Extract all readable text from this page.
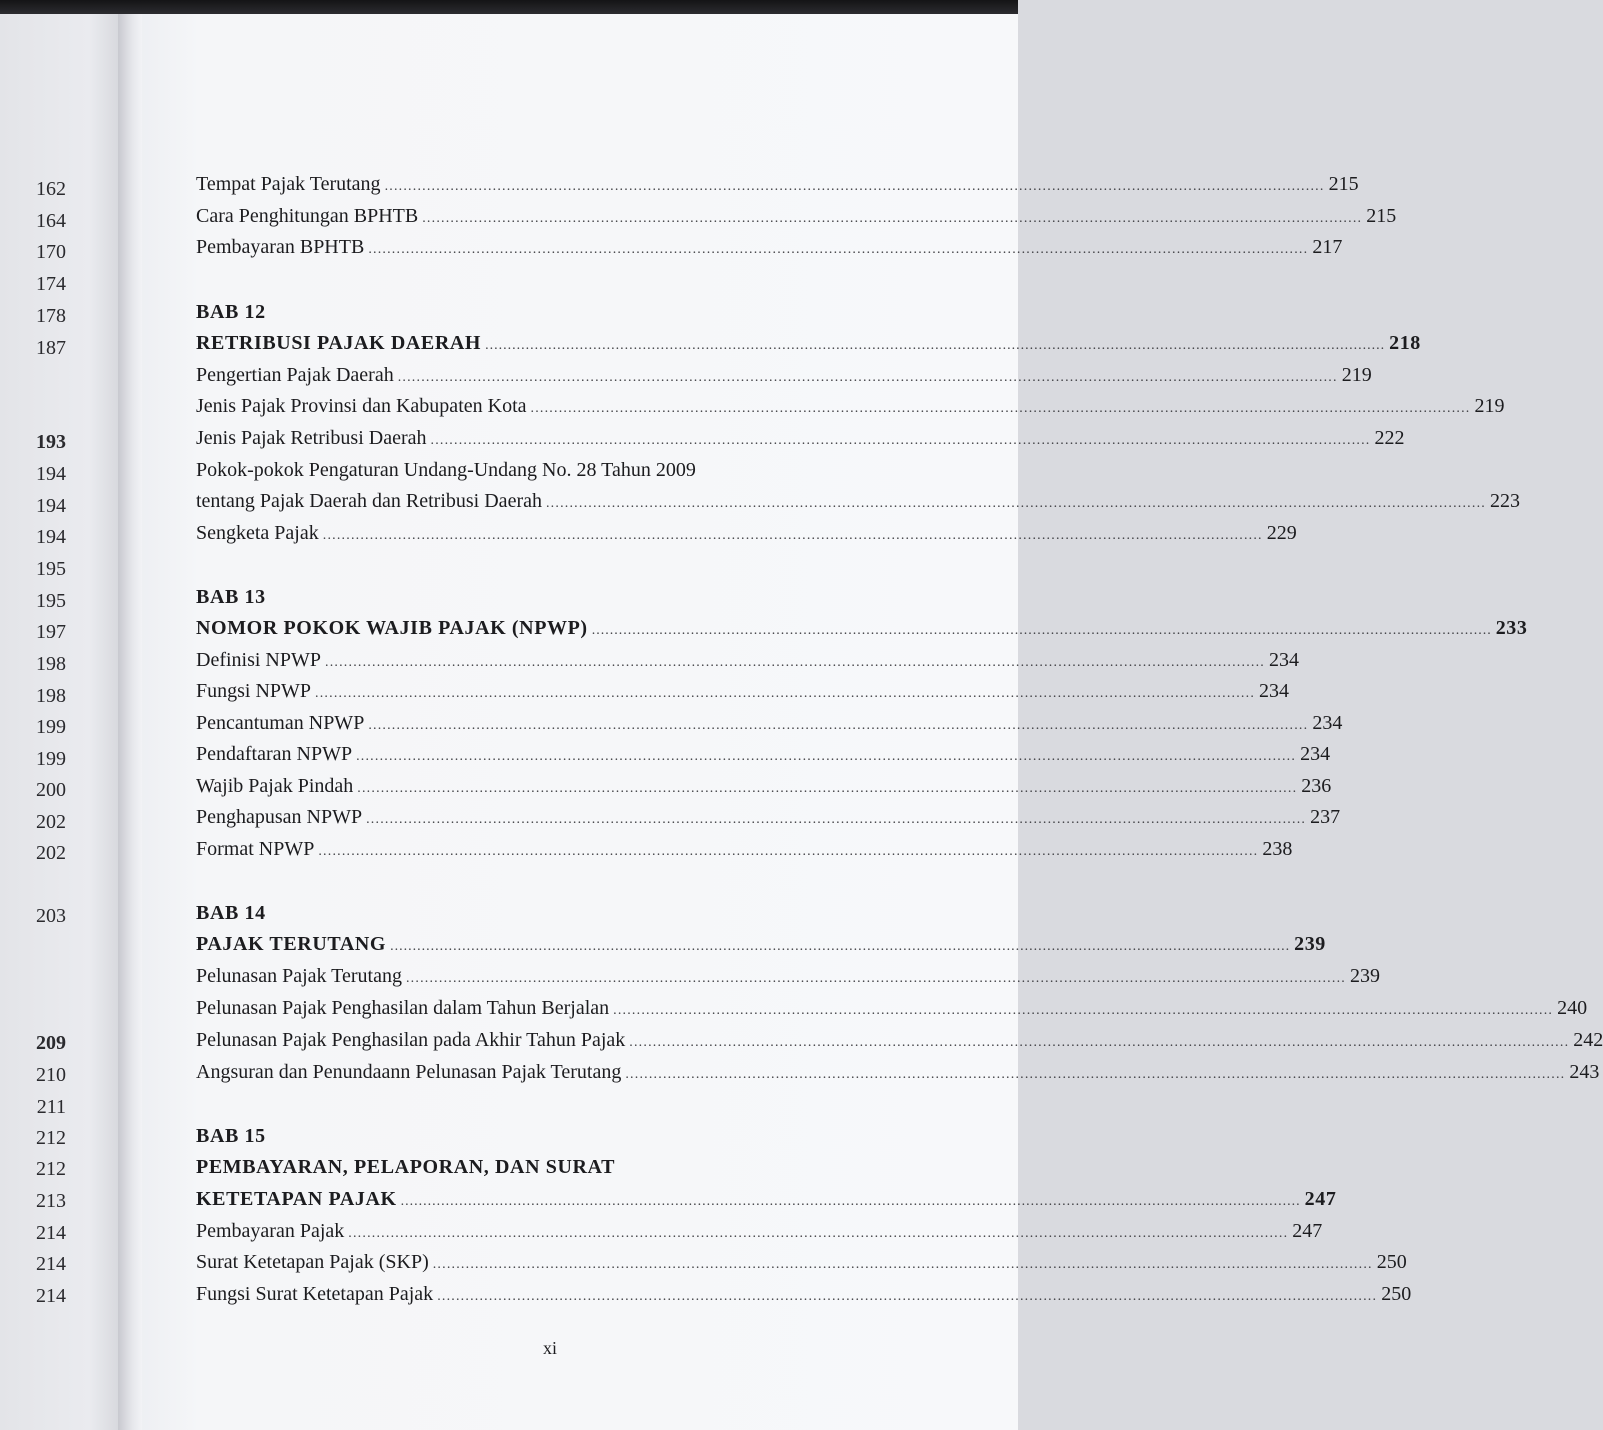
162
164
170
174
178
187
193
194
194
194
195
195
197
198
198
199
199
200
202
202
203
209
210
211
212
212
213
214
214
214
Tempat Pajak Terutang ........................................................................................................................................................................................................ 215
Cara Penghitungan BPHTB ........................................................................................................................................................................................................ 215
Pembayaran BPHTB ........................................................................................................................................................................................................ 217
BAB 12
RETRIBUSI PAJAK DAERAH ........................................................................................................................................................................................................ 218
Pengertian Pajak Daerah ........................................................................................................................................................................................................ 219
Jenis Pajak Provinsi dan Kabupaten Kota ........................................................................................................................................................................................................ 219
Jenis Pajak Retribusi Daerah ........................................................................................................................................................................................................ 222
Pokok-pokok Pengaturan Undang-Undang No. 28 Tahun 2009
tentang Pajak Daerah dan Retribusi Daerah ........................................................................................................................................................................................................ 223
Sengketa Pajak ........................................................................................................................................................................................................ 229
BAB 13
NOMOR POKOK WAJIB PAJAK (NPWP) ........................................................................................................................................................................................................ 233
Definisi NPWP ........................................................................................................................................................................................................ 234
Fungsi NPWP ........................................................................................................................................................................................................ 234
Pencantuman NPWP ........................................................................................................................................................................................................ 234
Pendaftaran NPWP ........................................................................................................................................................................................................ 234
Wajib Pajak Pindah ........................................................................................................................................................................................................ 236
Penghapusan NPWP ........................................................................................................................................................................................................ 237
Format NPWP ........................................................................................................................................................................................................ 238
BAB 14
PAJAK TERUTANG ........................................................................................................................................................................................................ 239
Pelunasan Pajak Terutang ........................................................................................................................................................................................................ 239
Pelunasan Pajak Penghasilan dalam Tahun Berjalan ........................................................................................................................................................................................................ 240
Pelunasan Pajak Penghasilan pada Akhir Tahun Pajak ........................................................................................................................................................................................................ 242
Angsuran dan Penundaann Pelunasan Pajak Terutang ........................................................................................................................................................................................................ 243
BAB 15
PEMBAYARAN, PELAPORAN, DAN SURAT
KETETAPAN PAJAK ........................................................................................................................................................................................................ 247
Pembayaran Pajak ........................................................................................................................................................................................................ 247
Surat Ketetapan Pajak (SKP) ........................................................................................................................................................................................................ 250
Fungsi Surat Ketetapan Pajak ........................................................................................................................................................................................................ 250
xi
